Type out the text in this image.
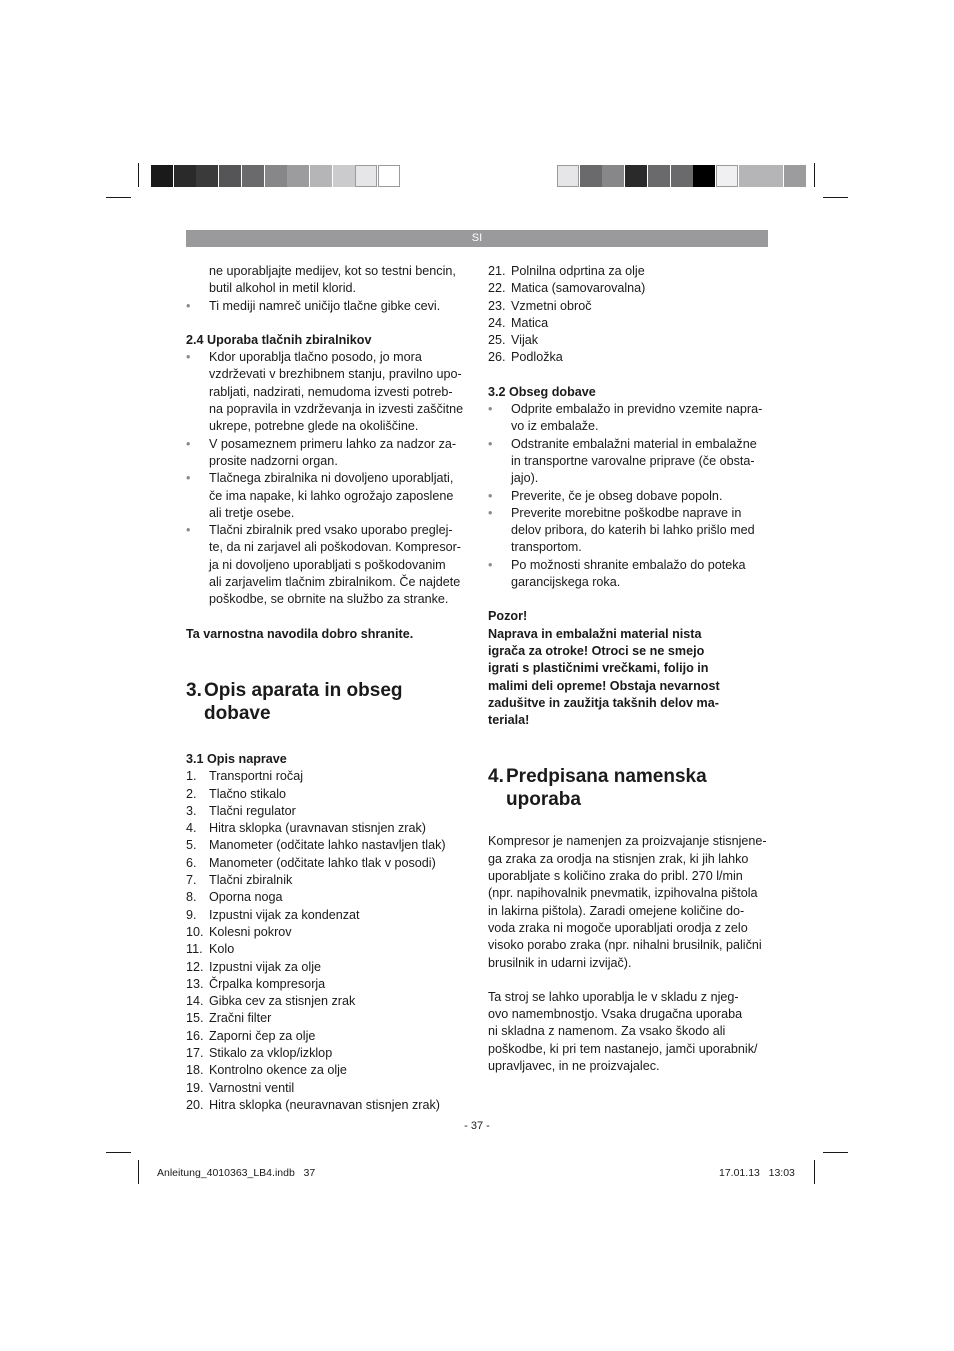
SI

ne uporabljajte medijev, kot so testni bencin,

butil alkohol in metil klorid.

• Ti mediji namreč uničijo tlačne gibke cevi.

2.4 Uporaba tlačnih zbiralnikov

• Kdor uporablja tlačno posodo, jo mora
vzdrževati v brezhibnem stanju, pravilno upo-
rabljati, nadzirati, nemudoma izvesti potreb-
na popravila in vzdrževanja in izvesti zaščitne
ukrepe, potrebne glede na okoliščine.
• V posameznem primeru lahko za nadzor za-
prosite nadzorni organ.
• Tlačnega zbiralnika ni dovoljeno uporabljati,
če ima napake, ki lahko ogrožajo zaposlene
ali tretje osebe.
• Tlačni zbiralnik pred vsako uporabo preglej-
te, da ni zarjavel ali poškodovan. Kompresor-
ja ni dovoljeno uporabljati s poškodovanim
ali zarjavelim tlačnim zbiralnikom. Če najdete
poškodbe, se obrnite na službo za stranke.

Ta varnostna navodila dobro shranite.

3. Opis aparata in obseg
dobave

3.1 Opis naprave

1. Transportni ročaj
2. Tlačno stikalo
3. Tlačni regulator
4. Hitra sklopka (uravnavan stisnjen zrak)
5. Manometer (odčitate lahko nastavljen tlak)
6. Manometer (odčitate lahko tlak v posodi)
7. Tlačni zbiralnik
8. Oporna noga
9. Izpustni vijak za kondenzat
10. Kolesni pokrov
11. Kolo
12. Izpustni vijak za olje
13. Črpalka kompresorja
14. Gibka cev za stisnjen zrak
15. Zračni filter
16. Zaporni čep za olje
17. Stikalo za vklop/izklop
18. Kontrolno okence za olje
19. Varnostni ventil
20. Hitra sklopka (neuravnavan stisnjen zrak)
21. Polnilna odprtina za olje
22. Matica (samovarovalna)
23. Vzmetni obroč
24. Matica
25. Vijak
26. Podložka

3.2 Obseg dobave

• Odprite embalažo in previdno vzemite napra-
vo iz embalaže.
• Odstranite embalažni material in embalažne
in transportne varovalne priprave (če obsta-
jajo).
• Preverite, če je obseg dobave popoln.
• Preverite morebitne poškodbe naprave in
delov pribora, do katerih bi lahko prišlo med
transportom.
• Po možnosti shranite embalažo do poteka
garancijskega roka.

Pozor!

Naprava in embalažni material nista
igrača za otroke! Otroci se ne smejo
igrati s plastičnimi vrečkami, folijo in
malimi deli opreme! Obstaja nevarnost
zadušitve in zaužitja takšnih delov ma-
teriala!
4. Predpisana namenska
uporaba
Kompresor je namenjen za proizvajanje stisnjene-
ga zraka za orodja na stisnjen zrak, ki jih lahko
uporabljate s količino zraka do pribl. 270 l/min
(npr. napihovalnik pnevmatik, izpihovalna pištola
in lakirna pištola). Zaradi omejene količine do-
voda zraka ni mogoče uporabljati orodja z zelo
visoko porabo zraka (npr. nihalni brusilnik, palični
brusilnik in udarni izvijač).
Ta stroj se lahko uporablja le v skladu z njeg-
ovo namembnostjo. Vsaka drugačna uporaba
ni skladna z namenom. Za vsako škodo ali
poškodbe, ki pri tem nastanejo, jamči uporabnik/
upravljavec, in ne proizvajalec.
- 37 -
Anleitung_4010363_LB4.indb   37	17.01.13   13:03
